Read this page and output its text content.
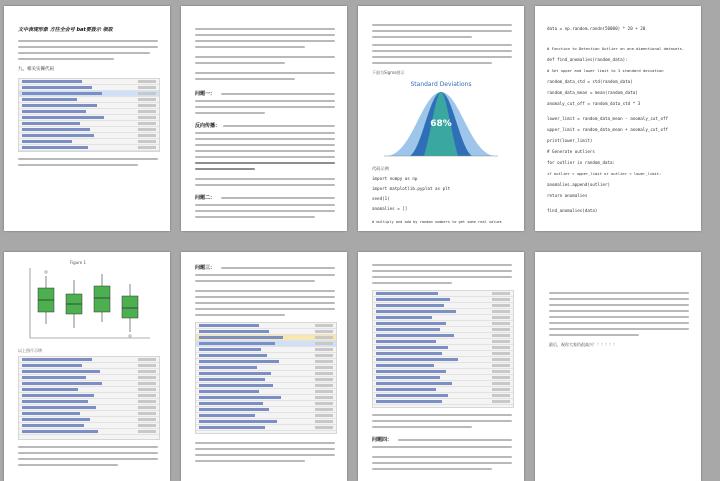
文中表现形象 方往全会号 bat要拨示 领取
九、相关实操代码
问题一：
反向传播：
问题二：
下面为Sigma图示
Standard Deviations
68%
代码示例
import numpy as np
import matplotlib.pyplot as plt
seed(1)
anomalies = []
# multiply and add by random numbers to get some real values
data = np.random.randn(50000) * 20 + 20
# Function to Detection Outlier on one-dimentional datasets.
def find_anomalies(random_data):
# Set upper and lower limit to 3 standard deviation
random_data_std = std(random_data)
random_data_mean = mean(random_data)
anomaly_cut_off = random_data_std * 3
lower_limit = random_data_mean - anomaly_cut_off
upper_limit = random_data_mean + anomaly_cut_off
print(lower_limit)
# Generate outliers
for outlier in random_data:
if outlier > upper_limit or outlier < lower_limit:
anomalies.append(outlier)
return anomalies
find_anomalies(data)
Figure 1
以上图片示例
问题三：
问题四：
最后，祝你大家仍很高兴！！！！！！
